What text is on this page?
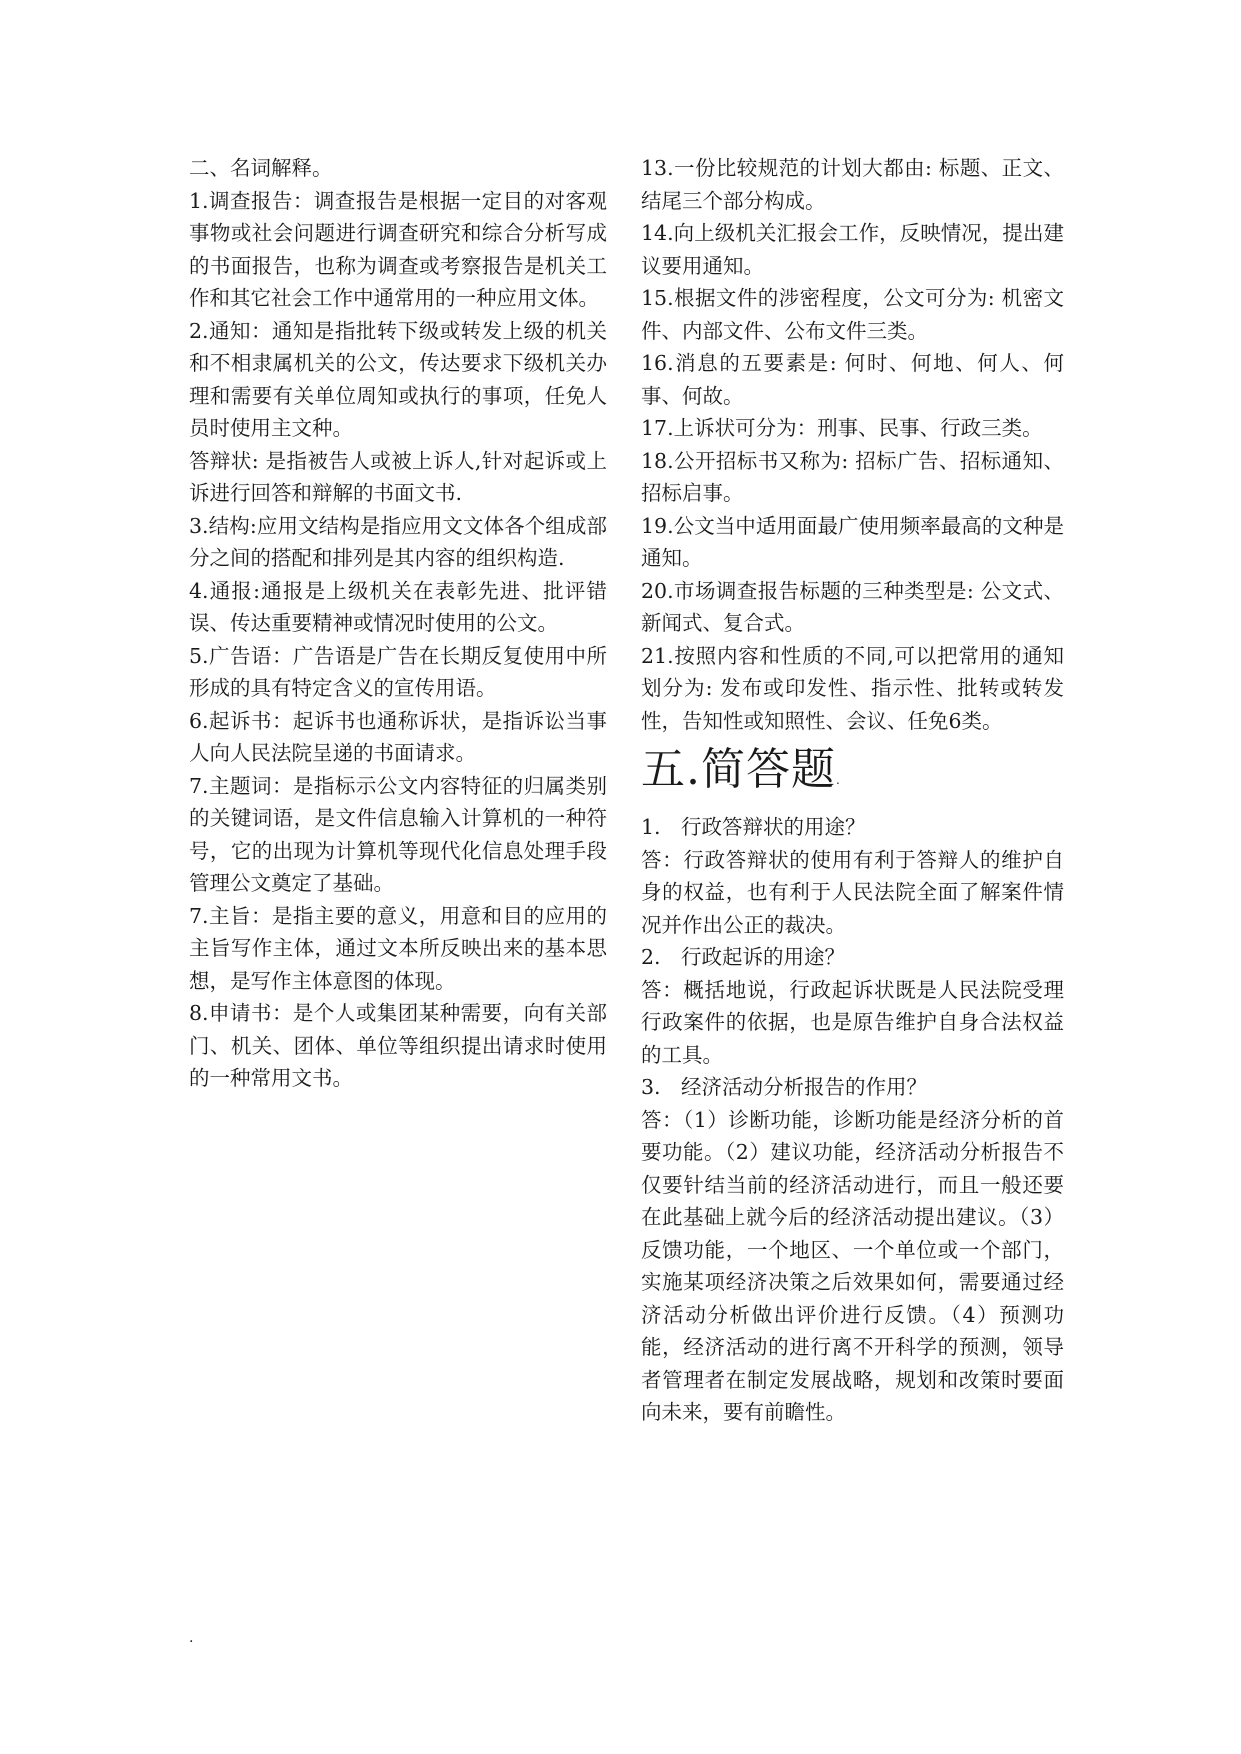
二、名词解释。

1.调查报告：调查报告是根据一定目的对客观事物或社会问题进行调查研究和综合分析写成的书面报告，也称为调查或考察报告是机关工作和其它社会工作中通常用的一种应用文体。

2.通知：通知是指批转下级或转发上级的机关和不相隶属机关的公文，传达要求下级机关办理和需要有关单位周知或执行的事项，任免人员时使用主文种。

答辩状: 是指被告人或被上诉人,针对起诉或上诉进行回答和辩解的书面文书.

3.结构:应用文结构是指应用文文体各个组成部分之间的搭配和排列是其内容的组织构造.

4.通报:通报是上级机关在表彰先进、批评错误、传达重要精神或情况时使用的公文。

5.广告语：广告语是广告在长期反复使用中所形成的具有特定含义的宣传用语。

6.起诉书：起诉书也通称诉状，是指诉讼当事人向人民法院呈递的书面请求。

7.主题词：是指标示公文内容特征的归属类别的关键词语，是文件信息输入计算机的一种符号，它的出现为计算机等现代化信息处理手段管理公文奠定了基础。

7.主旨：是指主要的意义，用意和目的应用的主旨写作主体，通过文本所反映出来的基本思想，是写作主体意图的体现。

8.申请书：是个人或集团某种需要，向有关部门、机关、团体、单位等组织提出请求时使用的一种常用文书。

13.一份比较规范的计划大都由: 标题、正文、结尾三个部分构成。

14.向上级机关汇报会工作，反映情况，提出建议要用通知。

15.根据文件的涉密程度，公文可分为: 机密文件、内部文件、公布文件三类。

16.消息的五要素是: 何时、何地、何人、何事、何故。

17.上诉状可分为：刑事、民事、行政三类。

18.公开招标书又称为: 招标广告、招标通知、招标启事。

19.公文当中适用面最广使用频率最高的文种是通知。

20.市场调查报告标题的三种类型是: 公文式、新闻式、复合式。

21.按照内容和性质的不同,可以把常用的通知划分为: 发布或印发性、指示性、批转或转发性，告知性或知照性、会议、任免6类。

五.简答题.
1. 行政答辩状的用途？

答：行政答辩状的使用有利于答辩人的维护自身的权益，也有利于人民法院全面了解案件情况并作出公正的裁决。

2. 行政起诉的用途？

答：概括地说，行政起诉状既是人民法院受理行政案件的依据，也是原告维护自身合法权益的工具。

3. 经济活动分析报告的作用？

答：（1）诊断功能，诊断功能是经济分析的首要功能。（2）建议功能，经济活动分析报告不仅要针结当前的经济活动进行，而且一般还要在此基础上就今后的经济活动提出建议。（3）反馈功能，一个地区、一个单位或一个部门，实施某项经济决策之后效果如何，需要通过经济活动分析做出评价进行反馈。（4）预测功能，经济活动的进行离不开科学的预测，领导者管理者在制定发展战略，规划和改策时要面向未来，要有前瞻性。

.
